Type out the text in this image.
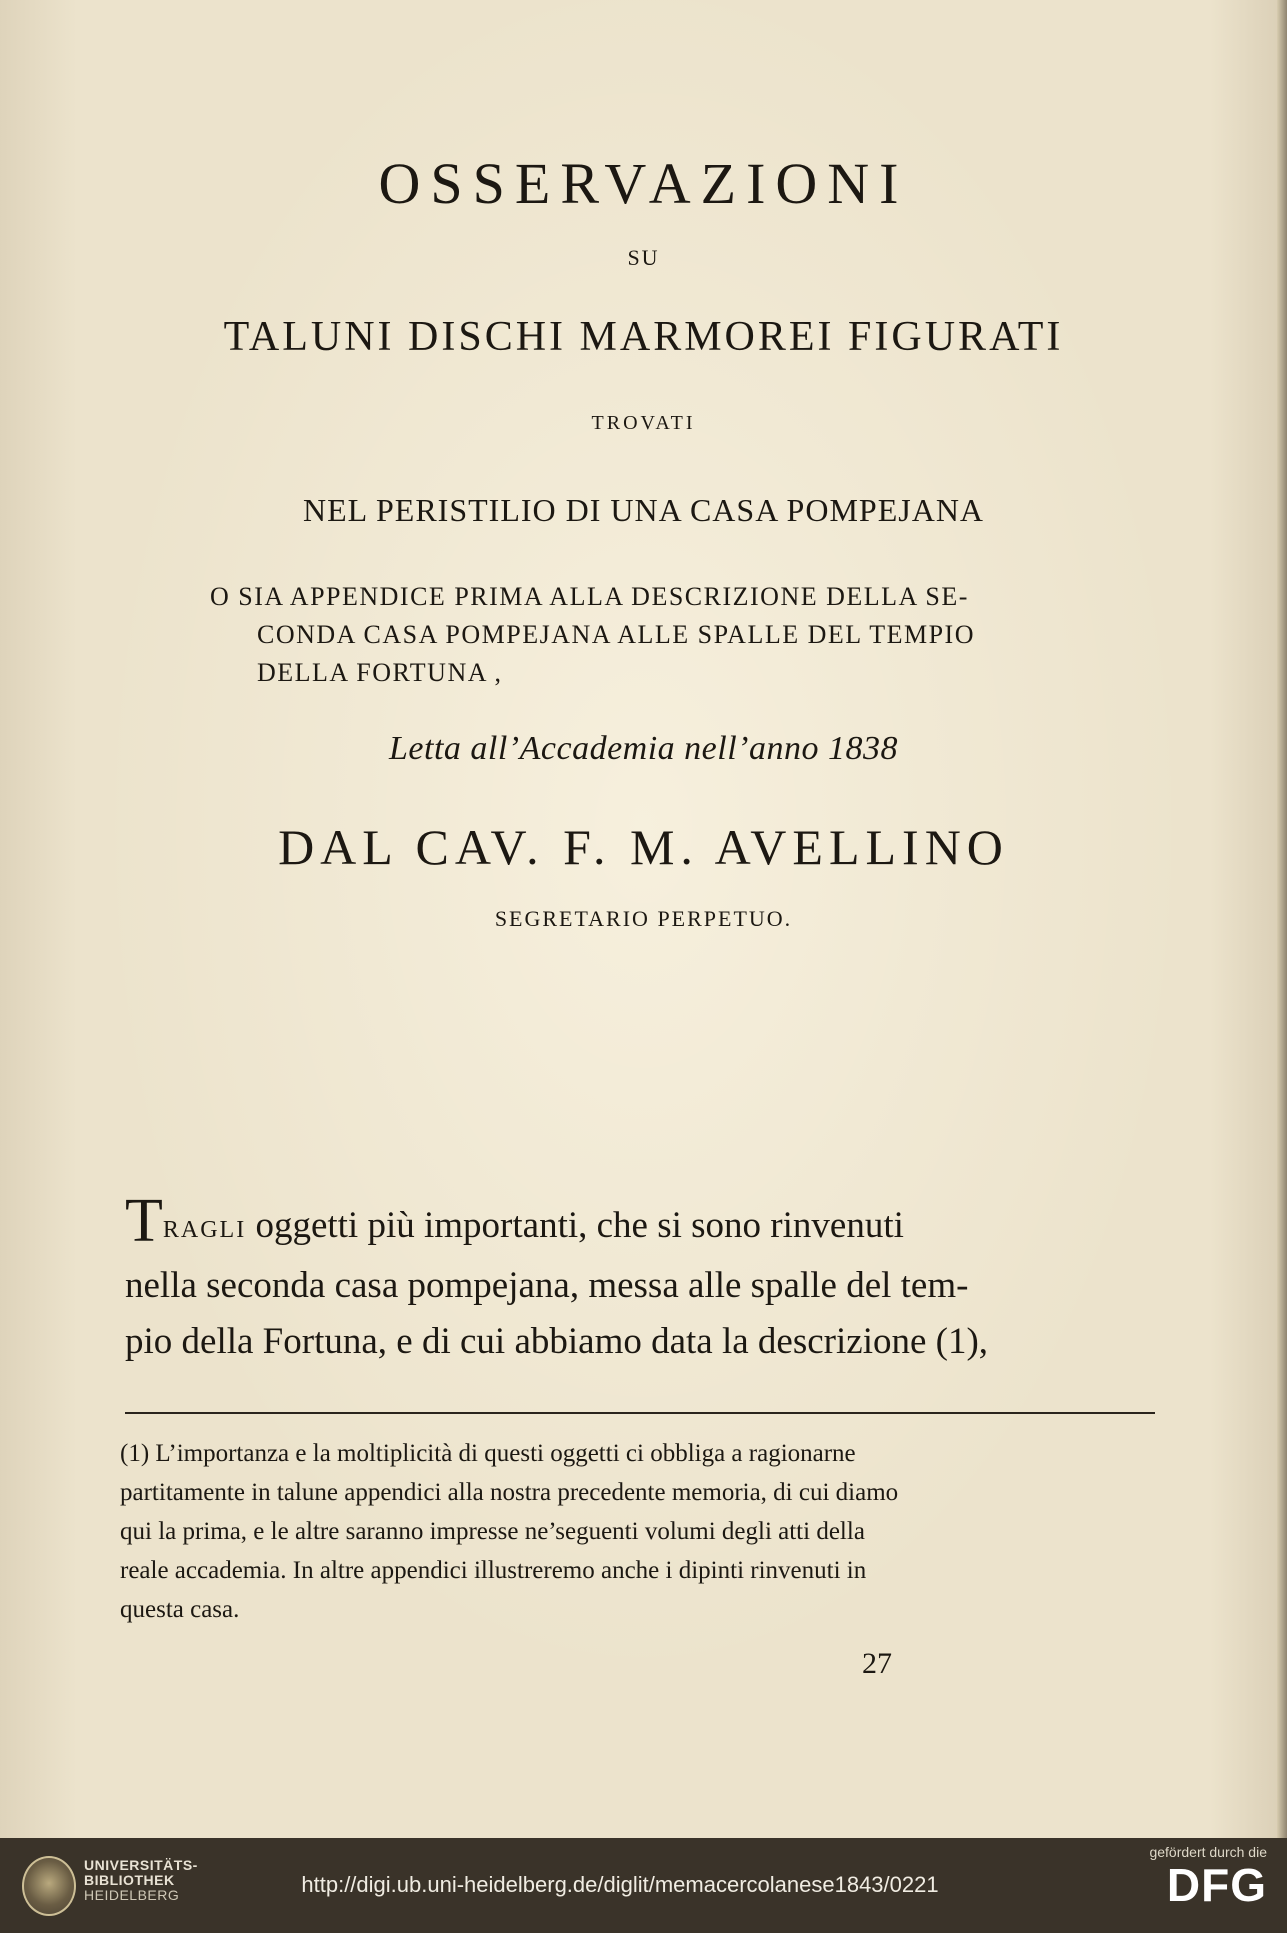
OSSERVAZIONI
SU
TALUNI DISCHI MARMOREI FIGURATI
TROVATI
NEL PERISTILIO DI UNA CASA POMPEJANA
O SIA APPENDICE PRIMA ALLA DESCRIZIONE DELLA SE-
CONDA CASA POMPEJANA ALLE SPALLE DEL TEMPIO
DELLA FORTUNA ,
Letta all’Accademia nell’anno 1838
DAL CAV. F. M. AVELLINO
SEGRETARIO PERPETUO.
TRAGLI oggetti più importanti, che si sono rinvenuti
nella seconda casa pompejana, messa alle spalle del tem-
pio della Fortuna, e di cui abbiamo data la descrizione (1),
(1) L’importanza e la moltiplicità di questi oggetti ci obbliga a ragionarne
partitamente in talune appendici alla nostra precedente memoria, di cui diamo
qui la prima, e le altre saranno impresse ne’seguenti volumi degli atti della
reale accademia. In altre appendici illustreremo anche i dipinti rinvenuti in
questa casa.
27
UNIVERSITÄTS-
BIBLIOTHEK
HEIDELBERG	http://digi.ub.uni-heidelberg.de/diglit/memacercolanese1843/0221
gefördert durch die
DFG
